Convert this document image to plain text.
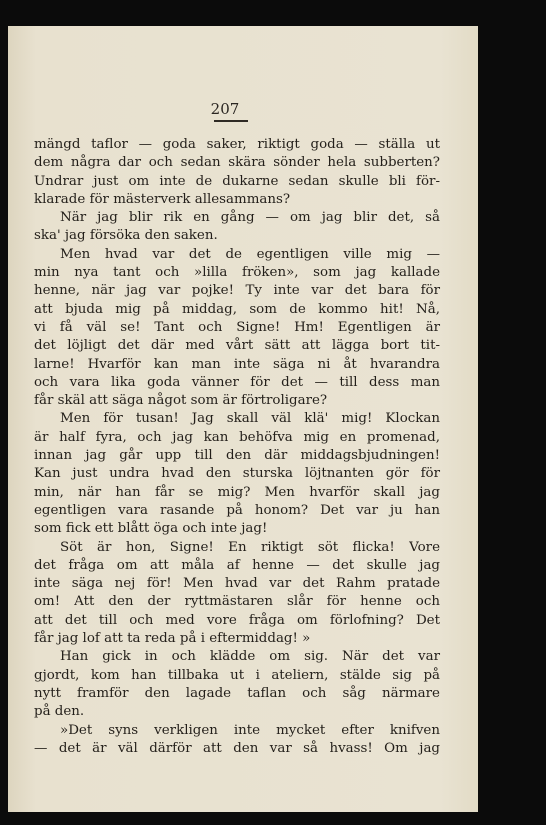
207
mängd taflor — goda saker, riktigt goda — ställa ut
dem några dar och sedan skära sönder hela subberten?
Undrar just om inte de dukarne sedan skulle bli för-
klarade för mästerverk allesammans?
När jag blir rik en gång — om jag blir det, så
ska' jag försöka den saken.
Men hvad var det de egentligen ville mig —
min nya tant och »lilla fröken», som jag kallade
henne, när jag var pojke! Ty inte var det bara för
att bjuda mig på middag, som de kommo hit! Nå,
vi få väl se! Tant och Signe! Hm! Egentligen är
det löjligt det där med vårt sätt att lägga bort tit-
larne! Hvarför kan man inte säga ni åt hvarandra
och vara lika goda vänner för det — till dess man
får skäl att säga något som är förtroligare?
Men för tusan! Jag skall väl klä' mig! Klockan
är half fyra, och jag kan behöfva mig en promenad,
innan jag går upp till den där middagsbjudningen!
Kan just undra hvad den sturska löjtnanten gör för
min, när han får se mig? Men hvarför skall jag
egentligen vara rasande på honom? Det var ju han
som fick ett blått öga och inte jag!
Söt är hon, Signe! En riktigt söt flicka! Vore
det fråga om att måla af henne — det skulle jag
inte säga nej för! Men hvad var det Rahm pratade
om! Att den der ryttmästaren slår för henne och
att det till och med vore fråga om förlofning? Det
får jag lof att ta reda på i eftermiddag! »
Han gick in och klädde om sig. När det var
gjordt, kom han tillbaka ut i ateliern, stälde sig på
nytt framför den lagade taflan och såg närmare
på den.
»Det syns verkligen inte mycket efter knifven
— det är väl därför att den var så hvass! Om jag
